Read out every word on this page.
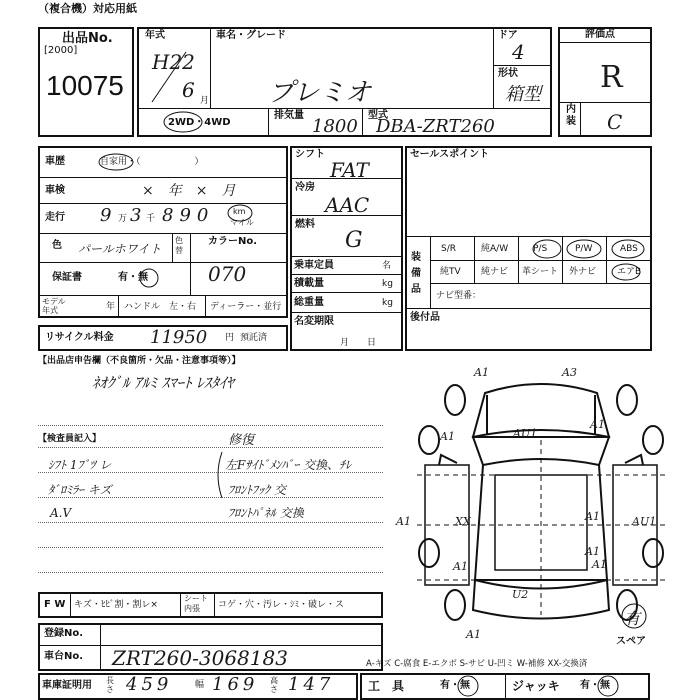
（複合機）対応用紙
出品No.
[2000]
10075
年式
H22
6 月
車名・グレード
プレミオ
ドア
4
形状
箱型
2WD・4WD
排気量
1800
型式
DBA-ZRT260
評価点
R
内装 C
車歴	自家用・（　　　　　　）
車検	×　年　×　月
走行 9 万 3 千 890 km
マイル
色 パールホワイト
色替
カラーNo.
保証書	有・無	070
モデル年式	年 ハンドル　左・右 ディーラー・並行
リサイクル料金 11950 円 預託済
シフト
FAT
冷房
AAC
燃料
G
乗車定員	名
積載量	kg
総重量	kg
名変期限
月　　日
セールスポイント
装備品
S/R	純A/W	P/S	P/W	ABS
純TV 純ナビ 革シート 外ナビ エアB
ナビ型番：
後付品
【出品店申告欄（不良箇所・欠品・注意事項等）】
ﾈｵｸﾞﾙ ｱﾙﾐ ｽﾏｰﾄ ﾚｽﾀｲﾔ
【検査員記入】	修復
ｼﾌﾄ 1ﾌﾞﾂ レ
ﾀﾞﾛﾐﾗｰ キズ
A.V
左Fｻｲﾄﾞﾒﾝﾊﾞｰ 交換、ﾁﾚ
ﾌﾛﾝﾄﾌｯｸ 交
ﾌﾛﾝﾄﾊﾟﾈﾙ 交換
A1	A3
AU1
A1
A1
A1	XX	A1	AU1
U2
A1	A1
A1
A1
有
スペア
F W キズ・ﾋﾋﾞ割・割レ×
シート内張	コゲ・穴・汚レ・ｼﾐ・破レ・ス
登録No.
車台No. ZRT260-3068183	A-キズ C-腐食 E-エクボ S-サビ U-凹ミ W-補修 XX-交換済
車庫証明用 長さ 459	幅 169 高さ 147	工　具	有・無	ジャッキ 有・無
